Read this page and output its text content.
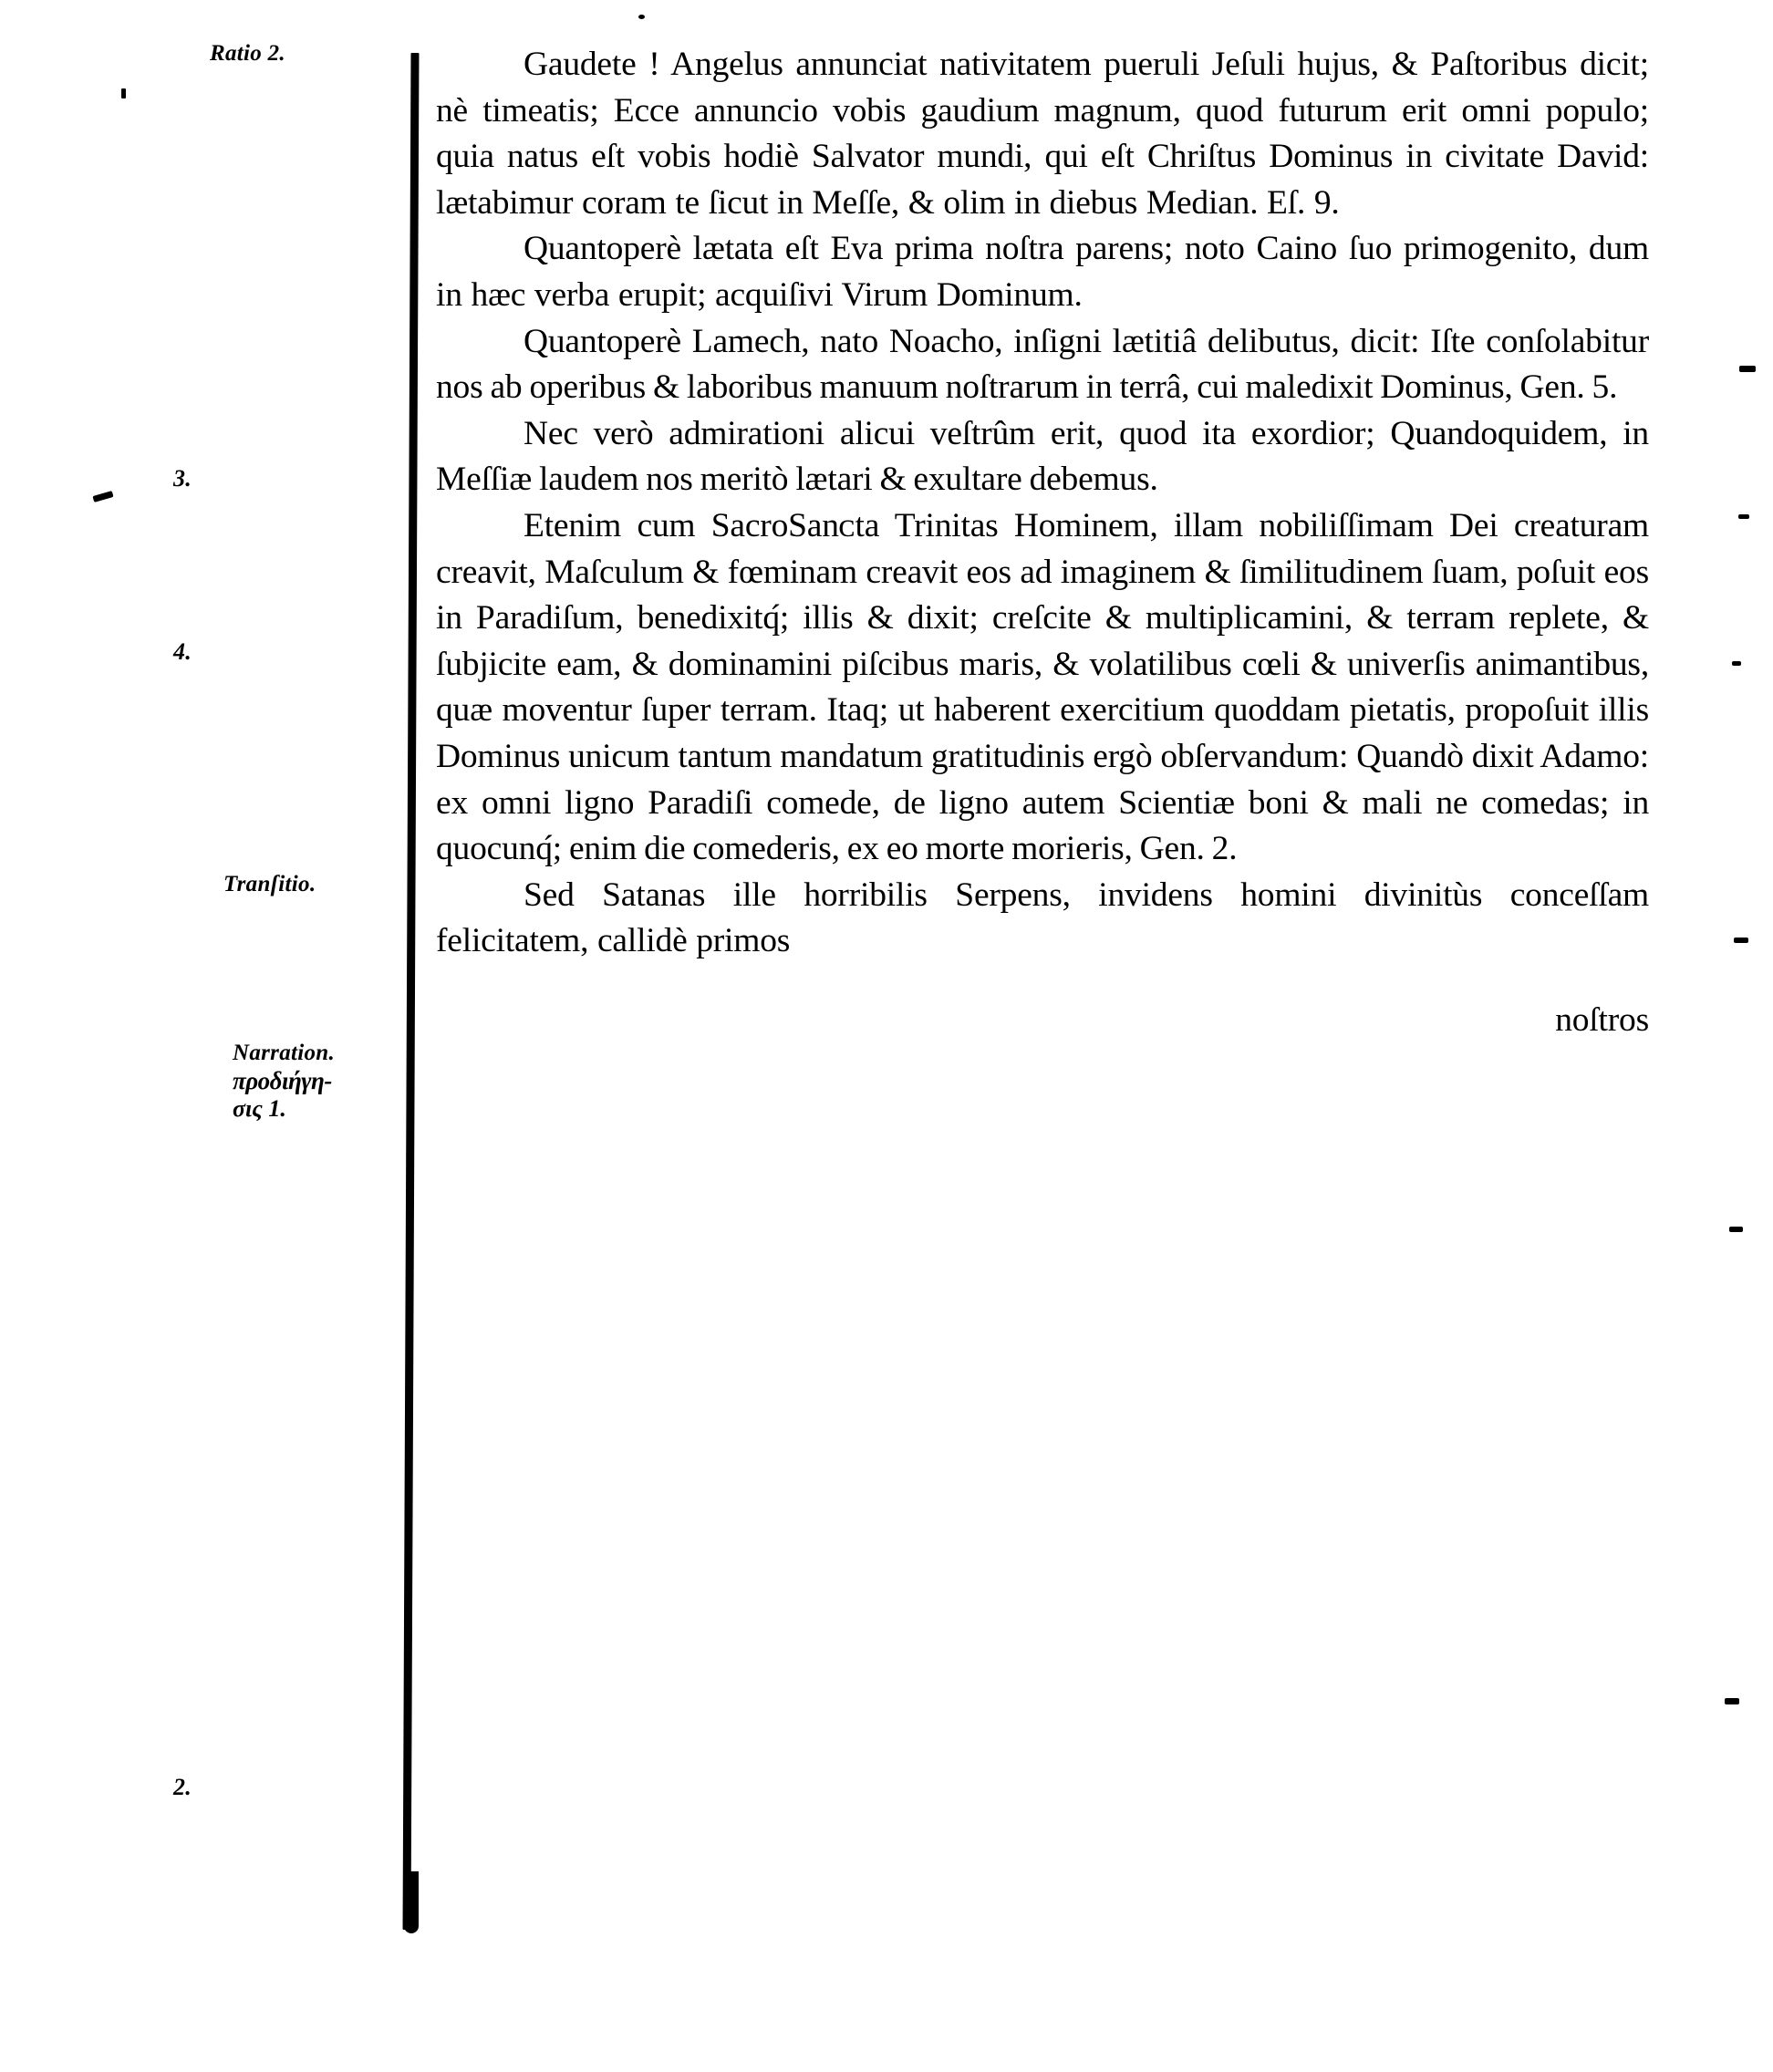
Ratio 2.
3.
4.
Tranſitio.
Narration.
προδιήγη-
σις 1.
2.

Gaudete ! Angelus annunciat nativitatem pueruli Jeſuli hujus, & Paſtoribus dicit; nè timeatis; Ecce annuncio vobis gaudium magnum, quod futurum erit omni populo; quia natus eſt vobis hodiè Salvator mundi, qui eſt Chriſtus Dominus in civitate David: lætabimur coram te ſicut in Meſſe, & olim in diebus Median. Eſ. 9.

Quantoperè lætata eſt Eva prima noſtra parens; noto Caino ſuo primogenito, dum in hæc verba erupit; acquiſivi Virum Dominum.

Quantoperè Lamech, nato Noacho, inſigni lætitiâ delibutus, dicit: Iſte conſolabitur nos ab operibus & laboribus manuum noſtrarum in terrâ, cui maledixit Dominus, Gen. 5.

Nec verò admirationi alicui veſtrûm erit, quod ita exordior; Quandoquidem, in Meſſiæ laudem nos meritò lætari & exultare debemus.

Etenim cum SacroSanᴄta Trinitas Hominem, illam nobiliſſimam Dei creaturam creavit, Maſculum & fœminam creavit eos ad imaginem & ſimilitudinem ſuam, poſuit eos in Paradiſum, benedixitq́; illis & dixit; creſcite & multiplicamini, & terram replete, & ſubjicite eam, & dominamini piſcibus maris, & volatilibus cœli & univerſis animantibus, quæ moventur ſuper terram. Itaq; ut haberent exercitium quoddam pietatis, propoſuit illis Dominus unicum tantum mandatum gratitudinis ergò obſervandum: Quandò dixit Adamo: ex omni ligno Paradiſi comede, de ligno autem Scientiæ boni & mali ne comedas; in quocunq́; enim die comederis, ex eo morte morieris, Gen. 2.

Sed Satanas ille horribilis Serpens, invidens homini divinitùs conceſſam felicitatem, callidè primos

noſtros
